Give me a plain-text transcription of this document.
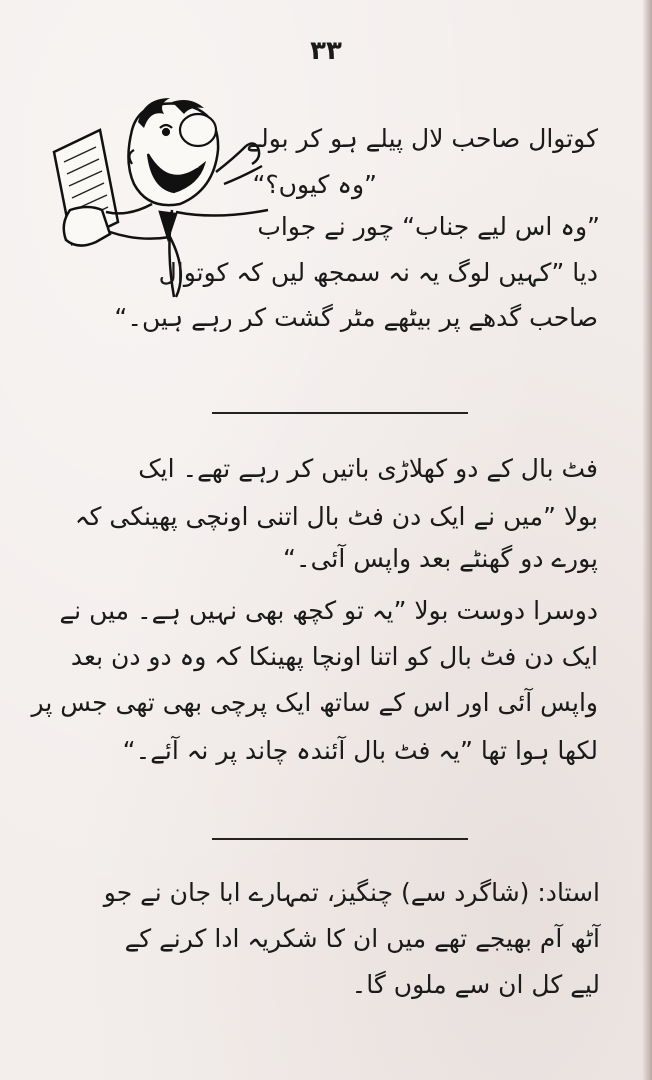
۳۳
کوتوال صاحب لال پیلے ہو کر بولے
”وہ کیوں؟“
”وہ اس لیے جناب“ چور نے جواب
دیا ”کہیں لوگ یہ نہ سمجھ لیں کہ کوتوال
صاحب گدھے پر بیٹھے مٹر گشت کر رہے ہیں۔“
فٹ بال کے دو کھلاڑی باتیں کر رہے تھے۔ ایک
بولا ”میں نے ایک دن فٹ بال اتنی اونچی پھینکی کہ
پورے دو گھنٹے بعد واپس آئی۔“
دوسرا دوست بولا ”یہ تو کچھ بھی نہیں ہے۔ میں نے
ایک دن فٹ بال کو اتنا اونچا پھینکا کہ وہ دو دن بعد
واپس آئی اور اس کے ساتھ ایک پرچی بھی تھی جس پر
لکھا ہوا تھا ”یہ فٹ بال آئندہ چاند پر نہ آئے۔“
استاد: (شاگرد سے) چنگیز، تمہارے ابا جان نے جو
آٹھ آم بھیجے تھے میں ان کا شکریہ ادا کرنے کے
لیے کل ان سے ملوں گا۔
